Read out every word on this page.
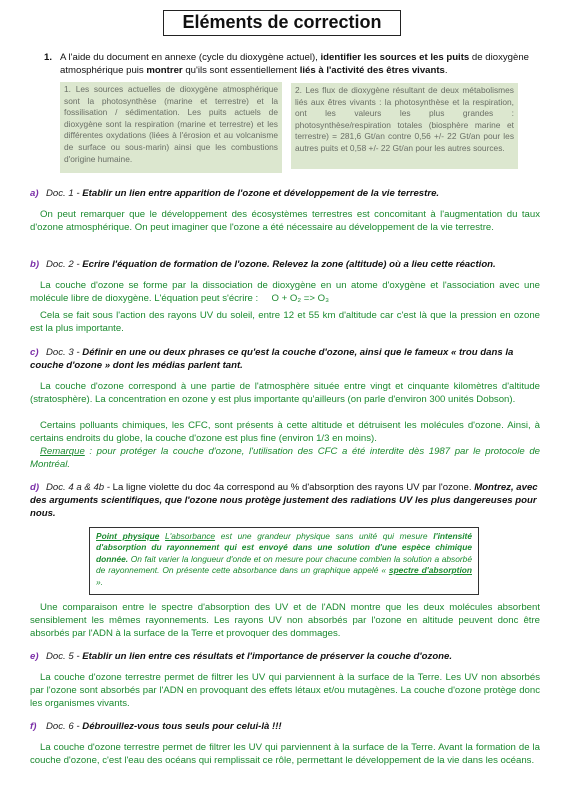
Eléments de correction
1. A l'aide du document en annexe (cycle du dioxygène actuel), identifier les sources et les puits de dioxygène atmosphérique puis montrer qu'ils sont essentiellement liés à l'activité des êtres vivants.
1. Les sources actuelles de dioxygène atmosphérique sont la photosynthèse (marine et terrestre) et la fossilisation / sédimentation. Les puits actuels de dioxygène sont la respiration (marine et terrestre) et les différentes oxydations (liées à l'érosion et au volcanisme de surface ou sous-marin) ainsi que les combustions d'origine humaine.
2. Les flux de dioxygène résultant de deux métabolismes liés aux êtres vivants : la photosynthèse et la respiration, ont les valeurs les plus grandes : photosynthèse/respiration totales (biosphère marine et terrestre) = 281,6 Gt/an contre 0,56 +/- 22 Gt/an pour les autres puits et 0,58 +/- 22 Gt/an pour les autres sources.
a) Doc. 1 - Etablir un lien entre apparition de l'ozone et développement de la vie terrestre.
On peut remarquer que le développement des écosystèmes terrestres est concomitant à l'augmentation du taux d'ozone atmosphérique. On peut imaginer que l'ozone a été nécessaire au développement de la vie terrestre.
b) Doc. 2 - Ecrire l'équation de formation de l'ozone. Relevez la zone (altitude) où a lieu cette réaction.
La couche d'ozone se forme par la dissociation de dioxygène en un atome d'oxygène et l'association avec une molécule libre de dioxygène. L'équation peut s'écrire : O + O₂ => O₃
Cela se fait sous l'action des rayons UV du soleil, entre 12 et 55 km d'altitude car c'est là que la pression en ozone est la plus importante.
c) Doc. 3 - Définir en une ou deux phrases ce qu'est la couche d'ozone, ainsi que le fameux « trou dans la couche d'ozone » dont les médias parlent tant.
La couche d'ozone correspond à une partie de l'atmosphère située entre vingt et cinquante kilomètres d'altitude (stratosphère). La concentration en ozone y est plus importante qu'ailleurs (on parle d'environ 300 unités Dobson).
Certains polluants chimiques, les CFC, sont présents à cette altitude et détruisent les molécules d'ozone. Ainsi, à certains endroits du globe, la couche d'ozone est plus fine (environ 1/3 en moins).
Remarque : pour protéger la couche d'ozone, l'utilisation des CFC a été interdite dès 1987 par le protocole de Montréal.
d) Doc. 4 a & 4b - La ligne violette du doc 4a correspond au % d'absorption des rayons UV par l'ozone. Montrez, avec des arguments scientifiques, que l'ozone nous protège justement des radiations UV les plus dangereuses pour nous.
Point physique L'absorbance est une grandeur physique sans unité qui mesure l'intensité d'absorption du rayonnement qui est envoyé dans une solution d'une espèce chimique donnée. On fait varier la longueur d'onde et on mesure pour chacune combien la solution a absorbé de rayonnement. On présente cette absorbance dans un graphique appelé « spectre d'absorption ».
Une comparaison entre le spectre d'absorption des UV et de l'ADN montre que les deux molécules absorbent sensiblement les mêmes rayonnements. Les rayons UV non absorbés par l'ozone en altitude peuvent donc être absorbés par l'ADN à la surface de la Terre et provoquer des dommages.
e) Doc. 5 - Etablir un lien entre ces résultats et l'importance de préserver la couche d'ozone.
La couche d'ozone terrestre permet de filtrer les UV qui parviennent à la surface de la Terre. Les UV non absorbés par l'ozone sont absorbés par l'ADN en provoquant des effets létaux et/ou mutagènes. La couche d'ozone protège donc les organismes vivants.
f) Doc. 6 - Débrouillez-vous tous seuls pour celui-là !!!
La couche d'ozone terrestre permet de filtrer les UV qui parviennent à la surface de la Terre. Avant la formation de la couche d'ozone, c'est l'eau des océans qui remplissait ce rôle, permettant le développement de la vie dans les océans.
